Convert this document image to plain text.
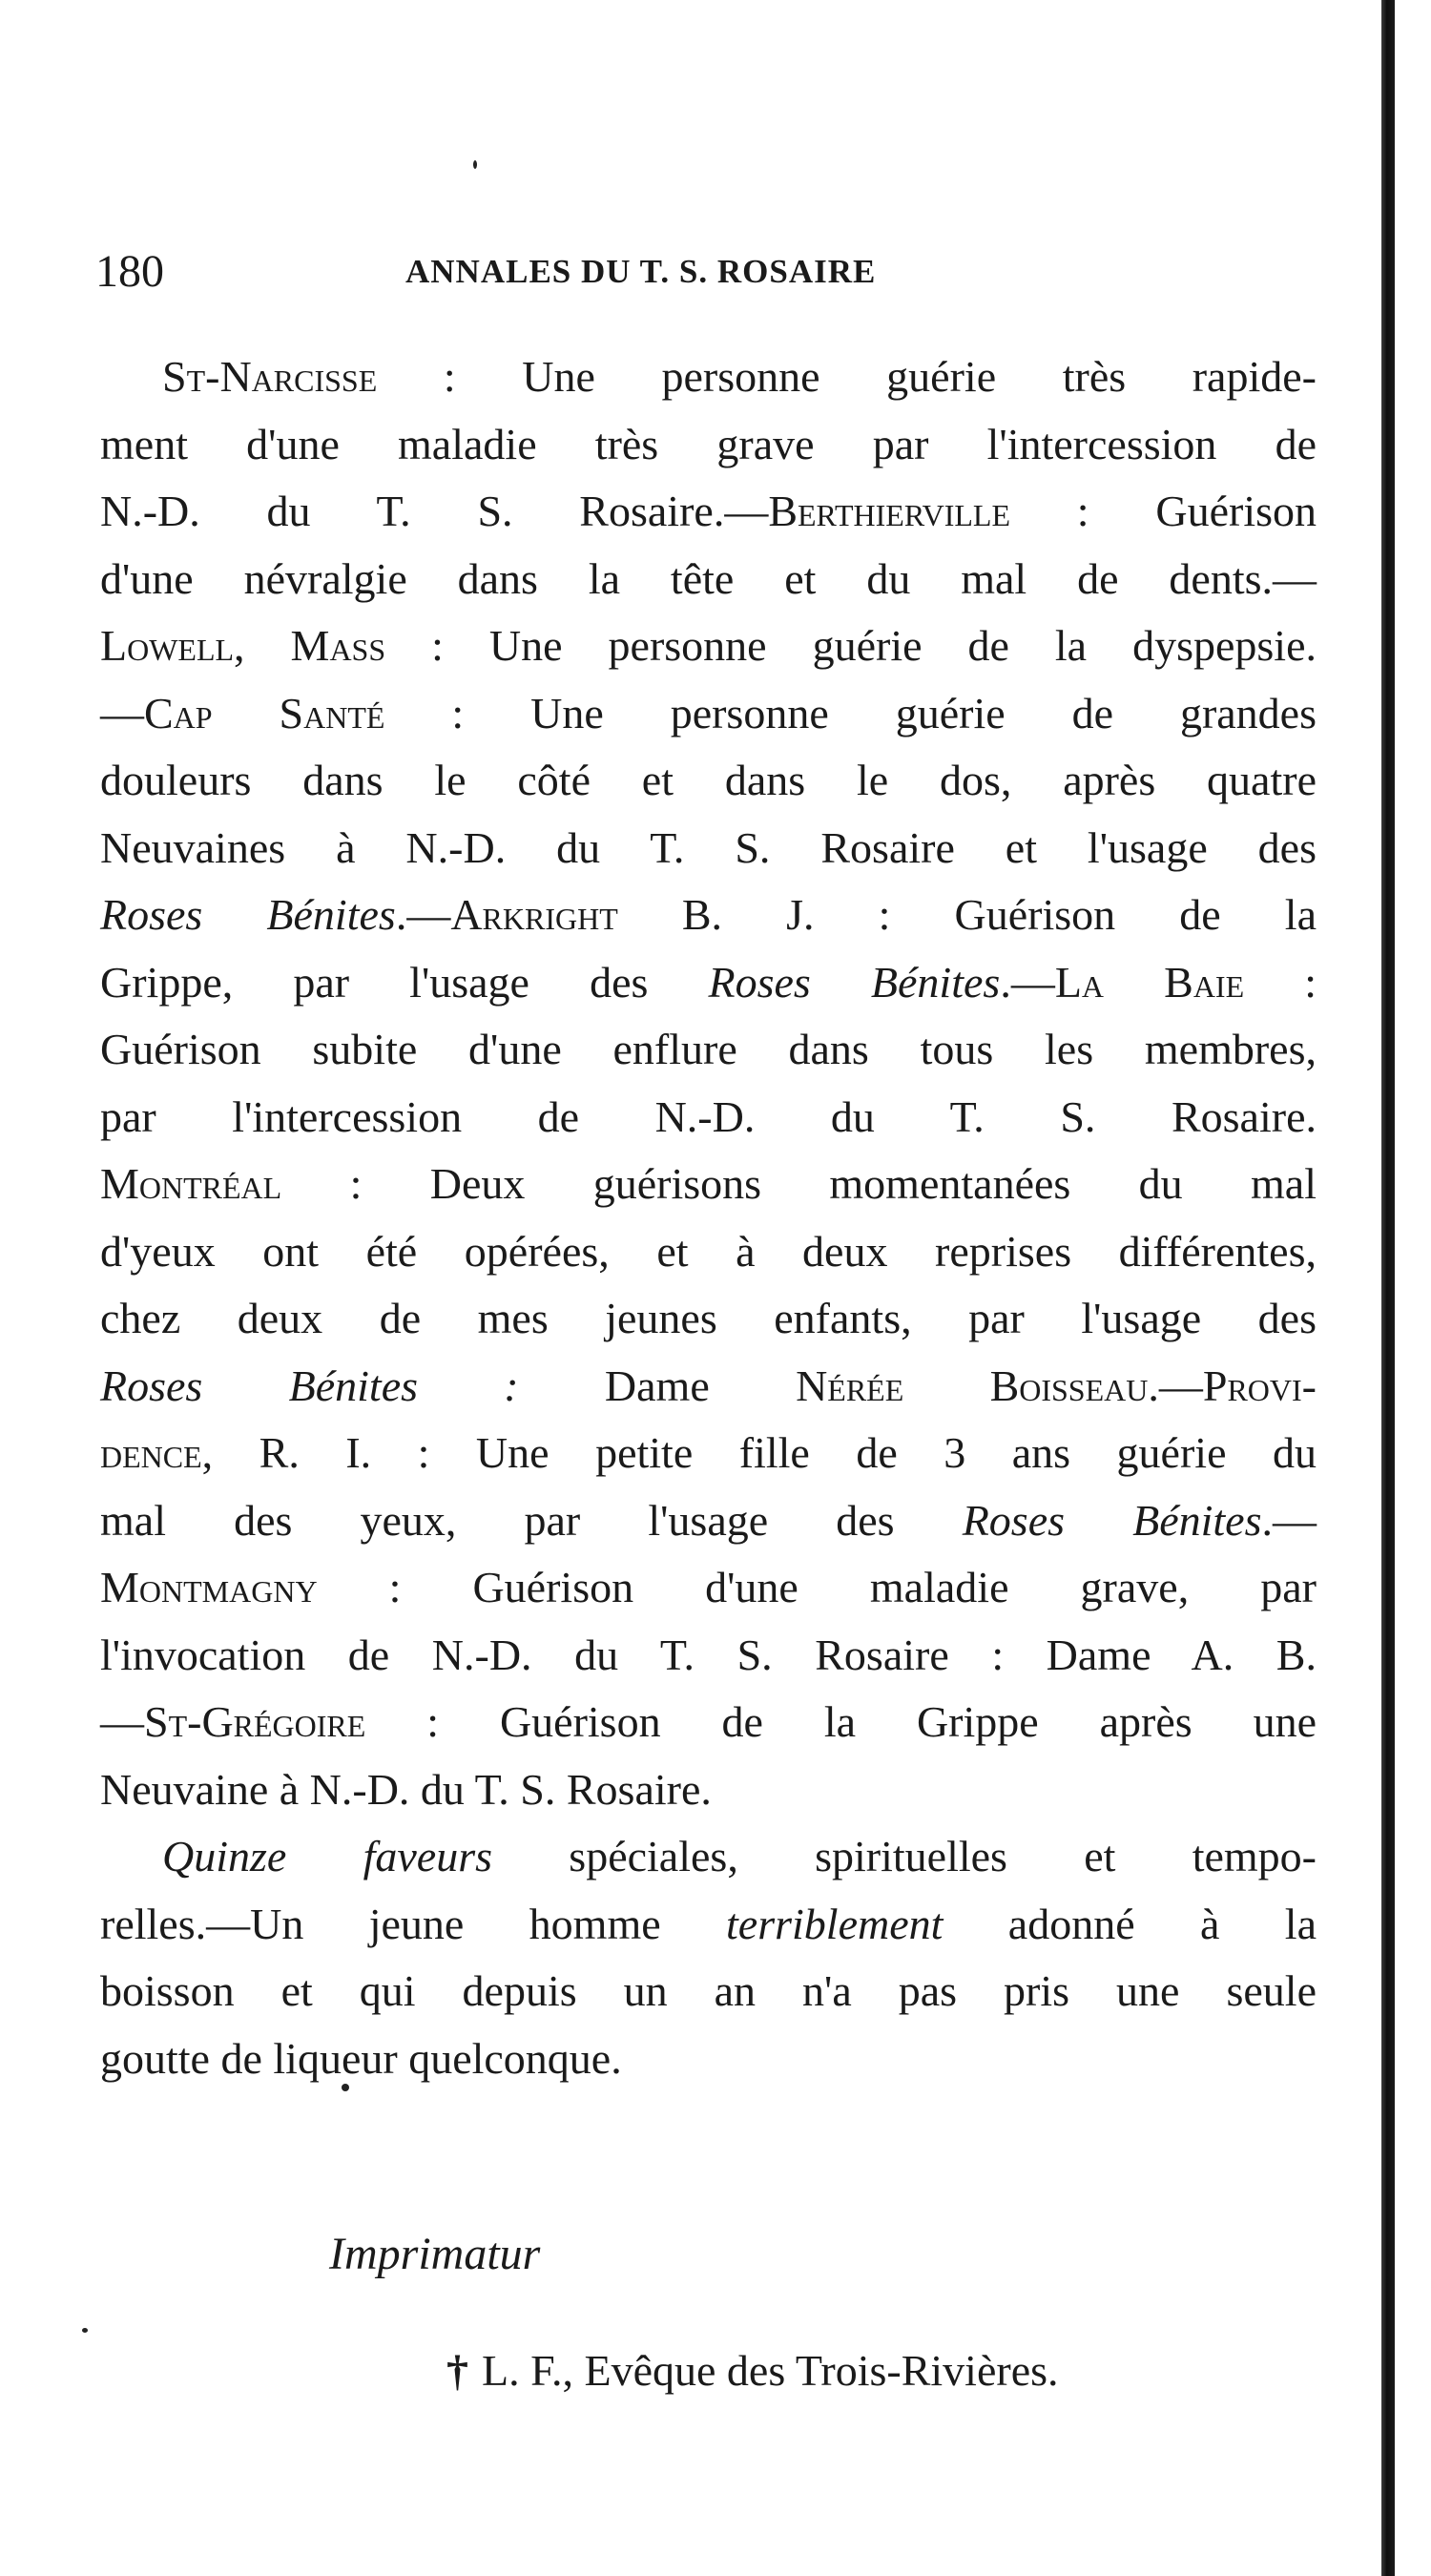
180	ANNALES DU T. S. ROSAIRE
St-Narcisse : Une personne guérie très rapide-
ment d'une maladie très grave par l'intercession de
N.-D. du T. S. Rosaire.—Berthierville : Guérison
d'une névralgie dans la tête et du mal de dents.—
Lowell, Mass : Une personne guérie de la dyspepsie.
—Cap Santé : Une personne guérie de grandes
douleurs dans le côté et dans le dos, après quatre
Neuvaines à N.-D. du T. S. Rosaire et l'usage des
Roses Bénites.—Arkright B. J. : Guérison de la
Grippe, par l'usage des Roses Bénites.—La Baie :
Guérison subite d'une enflure dans tous les membres,
par l'intercession de N.-D. du T. S. Rosaire.
Montréal : Deux guérisons momentanées du mal
d'yeux ont été opérées, et à deux reprises différentes,
chez deux de mes jeunes enfants, par l'usage des
Roses Bénites : Dame Nérée Boisseau.—Provi-
dence, R. I. : Une petite fille de 3 ans guérie du
mal des yeux, par l'usage des Roses Bénites.—
Montmagny : Guérison d'une maladie grave, par
l'invocation de N.-D. du T. S. Rosaire : Dame A. B.
—St-Grégoire : Guérison de la Grippe après une
Neuvaine à N.-D. du T. S. Rosaire.
Quinze faveurs spéciales, spirituelles et tempo-
relles.—Un jeune homme terriblement adonné à la
boisson et qui depuis un an n'a pas pris une seule
goutte de liqueur quelconque.
Imprimatur
† L. F., Evêque des Trois-Rivières.
